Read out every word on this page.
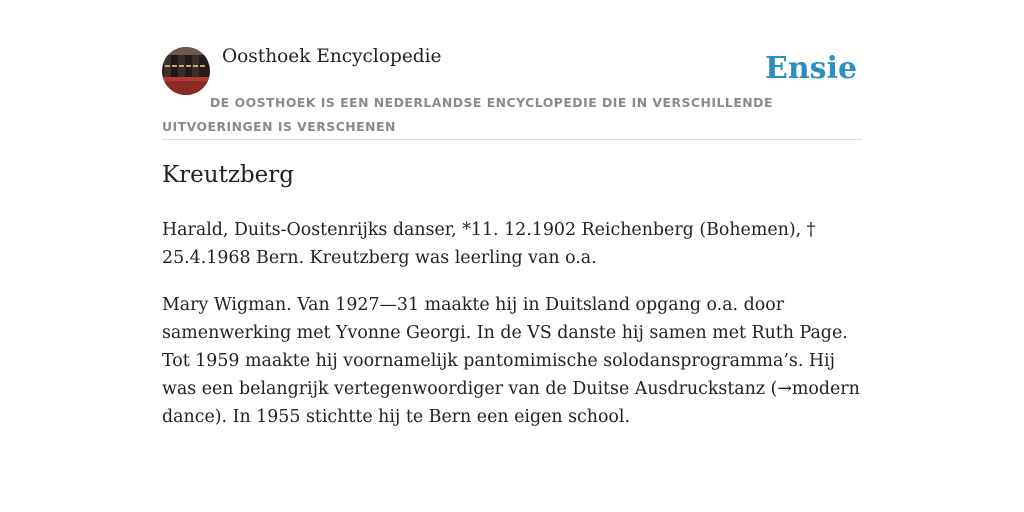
Oosthoek Encyclopedie	Ensie
DE OOSTHOEK IS EEN NEDERLANDSE ENCYCLOPEDIE DIE IN VERSCHILLENDE UITVOERINGEN IS VERSCHENEN
Kreutzberg

Harald, Duits-Oostenrijks danser, *11. 12.1902 Reichenberg (Bohemen), † 25.4.1968 Bern. Kreutzberg was leerling van o.a.

Mary Wigman. Van 1927—31 maakte hij in Duitsland opgang o.a. door samenwerking met Yvonne Georgi. In de VS danste hij samen met Ruth Page. Tot 1959 maakte hij voornamelijk pantomimische solodansprogramma’s. Hij was een belangrijk vertegenwoordiger van de Duitse Ausdruckstanz (→modern dance). In 1955 stichtte hij te Bern een eigen school.
